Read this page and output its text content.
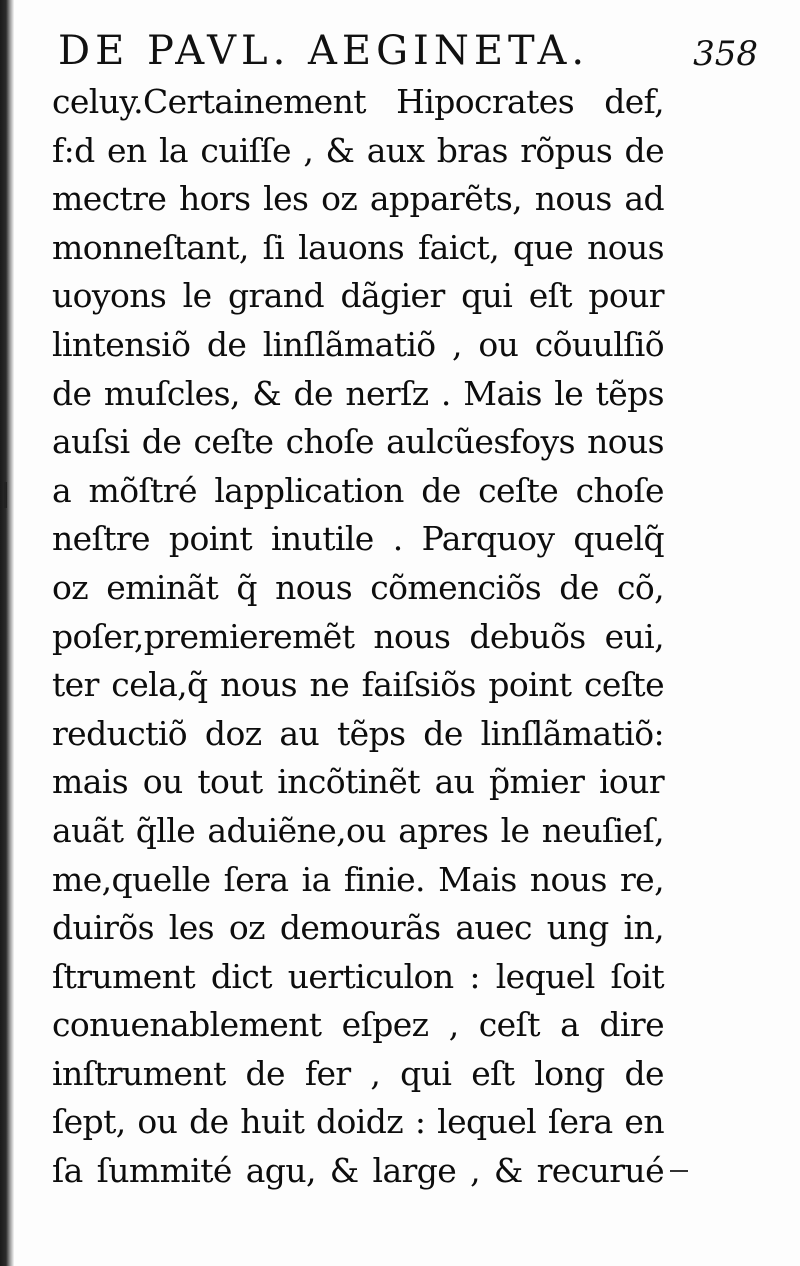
DE PAVL. AEGINETA.	358
celuy.Certainement Hipocrates def,
f:d en la cuiſſe , & aux bras rõpus de
mectre hors les oz apparẽts, nous ad
monneſtant, ſi lauons faict, que nous
uoyons le grand dãgier qui eſt pour
lintensiõ de linſlãmatiõ , ou cõuulſiõ
de muſcles, & de nerſz . Mais le tẽps
auſsi de ceſte choſe aulcũesfoys nous
a mõſtré lapplication de ceſte choſe
neſtre point inutile . Parquoy quelq̃
oz eminãt q̃ nous cõmenciõs de cõ,
poſer,premieremẽt nous debuõs eui,
ter cela,q̃ nous ne faiſsiõs point ceſte
reductiõ doz au tẽps de linſlãmatiõ:
mais ou tout incõtinẽt au p̃mier iour
auãt q̃lle aduiẽne,ou apres le neuſieſ,
me,quelle ſera ia finie. Mais nous re,
duirõs les oz demourãs auec ung in,
ſtrument dict uerticulon : lequel ſoit
conuenablement eſpez , ceſt a dire
inſtrument de fer , qui eſt long de
ſept, ou de huit doidz : lequel ſera en
ſa ſummité agu, & large , & recurué
